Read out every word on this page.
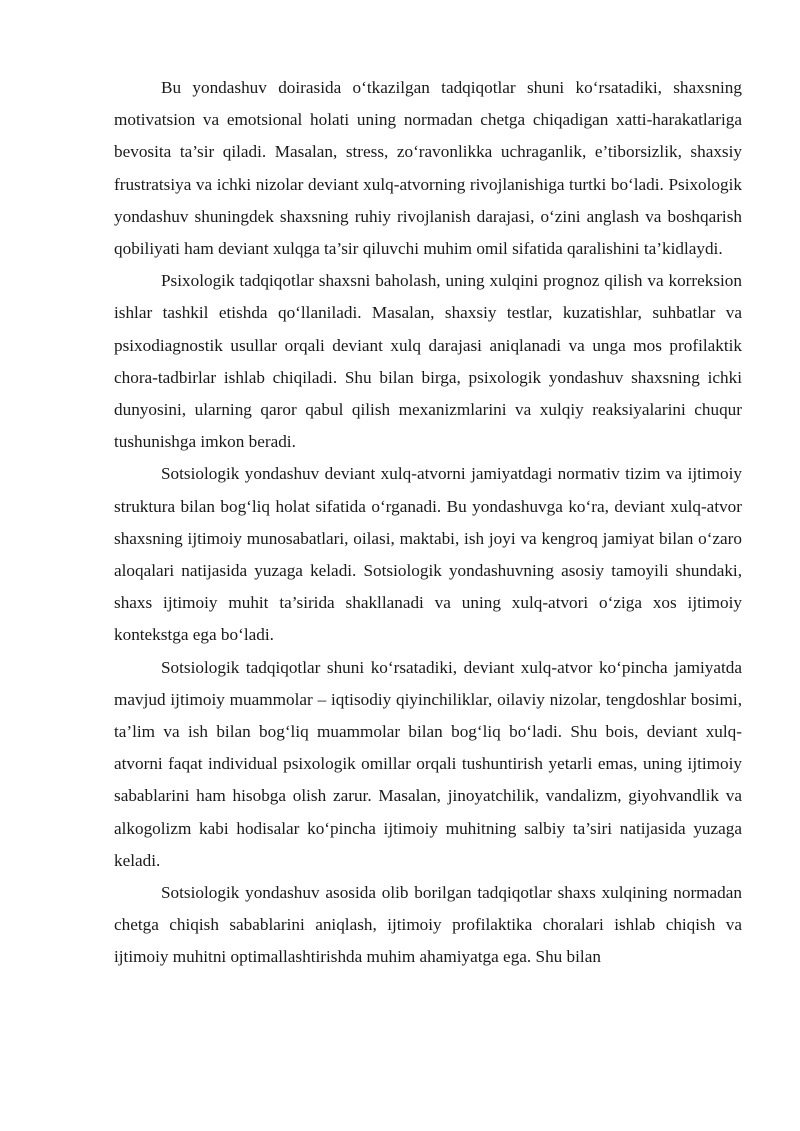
Bu yondashuv doirasida o‘tkazilgan tadqiqotlar shuni ko‘rsatadiki, shaxsning motivatsion va emotsional holati uning normadan chetga chiqadigan xatti-harakatlariga bevosita ta’sir qiladi. Masalan, stress, zo‘ravonlikka uchraganlik, e’tiborsizlik, shaxsiy frustratsiya va ichki nizolar deviant xulq-atvorning rivojlanishiga turtki bo‘ladi. Psixologik yondashuv shuningdek shaxsning ruhiy rivojlanish darajasi, o‘zini anglash va boshqarish qobiliyati ham deviant xulqga ta’sir qiluvchi muhim omil sifatida qaralishini ta’kidlaydi.

Psixologik tadqiqotlar shaxsni baholash, uning xulqini prognoz qilish va korreksion ishlar tashkil etishda qo‘llaniladi. Masalan, shaxsiy testlar, kuzatishlar, suhbatlar va psixodiagnostik usullar orqali deviant xulq darajasi aniqlanadi va unga mos profilaktik chora-tadbirlar ishlab chiqiladi. Shu bilan birga, psixologik yondashuv shaxsning ichki dunyosini, ularning qaror qabul qilish mexanizmlarini va xulqiy reaksiyalarini chuqur tushunishga imkon beradi.

Sotsiologik yondashuv deviant xulq-atvorni jamiyatdagi normativ tizim va ijtimoiy struktura bilan bog‘liq holat sifatida o‘rganadi. Bu yondashuvga ko‘ra, deviant xulq-atvor shaxsning ijtimoiy munosabatlari, oilasi, maktabi, ish joyi va kengroq jamiyat bilan o‘zaro aloqalari natijasida yuzaga keladi. Sotsiologik yondashuvning asosiy tamoyili shundaki, shaxs ijtimoiy muhit ta’sirida shakllanadi va uning xulq-atvori o‘ziga xos ijtimoiy kontekstga ega bo‘ladi.

Sotsiologik tadqiqotlar shuni ko‘rsatadiki, deviant xulq-atvor ko‘pincha jamiyatda mavjud ijtimoiy muammolar – iqtisodiy qiyinchiliklar, oilaviy nizolar, tengdoshlar bosimi, ta’lim va ish bilan bog‘liq muammolar bilan bog‘liq bo‘ladi. Shu bois, deviant xulq-atvorni faqat individual psixologik omillar orqali tushuntirish yetarli emas, uning ijtimoiy sabablarini ham hisobga olish zarur. Masalan, jinoyatchilik, vandalizm, giyohvandlik va alkogolizm kabi hodisalar ko‘pincha ijtimoiy muhitning salbiy ta’siri natijasida yuzaga keladi.

Sotsiologik yondashuv asosida olib borilgan tadqiqotlar shaxs xulqining normadan chetga chiqish sabablarini aniqlash, ijtimoiy profilaktika choralari ishlab chiqish va ijtimoiy muhitni optimallashtirishda muhim ahamiyatga ega. Shu bilan
